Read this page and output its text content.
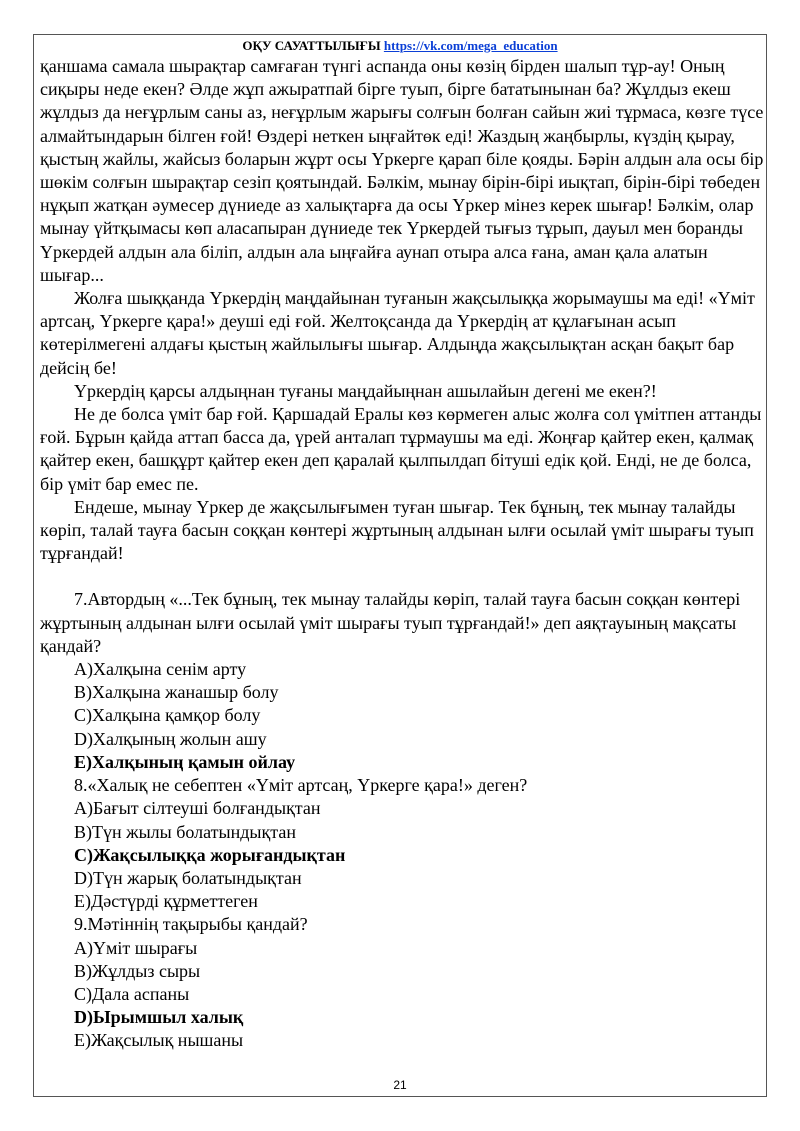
ОҚУ САУАТТЫЛЫҒЫ https://vk.com/mega_education

қаншама самала шырақтар самғаған түнгі аспанда оны көзің бірден шалып тұр-ау! Оның сиқыры неде екен? Әлде жұп ажыратпай бірге туып, бірге бататынынан ба? Жұлдыз екеш жұлдыз да неғұрлым саны аз, неғұрлым жарығы солғын болған сайын жиі тұрмаса, көзге түсе алмайтындарын білген ғой! Өздері неткен ыңғайтөк еді! Жаздың жаңбырлы, күздің қырау, қыстың жайлы, жайсыз боларын жұрт осы Үркерге қарап біле қояды. Бәрін алдын ала осы бір шөкім солғын шырақтар сезіп қоятындай. Бәлкім, мынау бірін-бірі иықтап, бірін-бірі төбеден нұқып жатқан әумесер дүниеде аз халықтарға да осы Үркер мінез керек шығар! Бәлкім, олар мынау үйтқымасы көп аласапыран дүниеде тек Үркердей тығыз тұрып, дауыл мен боранды Үркердей алдын ала біліп, алдын ала ыңғайға аунап отыра алса ғана, аман қала алатын шығар...

Жолға шыққанда Үркердің маңдайынан туғанын жақсылыққа жорымаушы ма еді! «Үміт артсаң, Үркерге қара!» деуші еді ғой. Желтоқсанда да Үркердің ат құлағынан асып көтерілмегені алдағы қыстың жайлылығы шығар. Алдыңда жақсылықтан асқан бақыт бар дейсің бе!

Үркердің қарсы алдыңнан туғаны маңдайыңнан ашылайын дегені ме екен?!

Не де болса үміт бар ғой. Қаршадай Ералы көз көрмеген алыс жолға сол үмітпен аттанды ғой. Бұрын қайда аттап басса да, үрей анталап тұрмаушы ма еді. Жоңғар қайтер екен, қалмақ қайтер екен, башқұрт қайтер екен деп қаралай қылпылдап бітуші едік қой. Енді, не де болса, бір үміт бар емес пе.

Ендеше, мынау Үркер де жақсылығымен туған шығар. Тек бұның, тек мынау талайды көріп, талай тауға басын соққан көнтері жұртының алдынан ылғи осылай үміт шырағы туып тұрғандай!

7.Автордың «...Тек бұның, тек мынау талайды көріп, талай тауға басын соққан көнтері жұртының алдынан ылғи осылай үміт шырағы туып тұрғандай!» деп аяқтауының мақсаты қандай?

А)Халқына сенім арту

В)Халқына жанашыр болу

С)Халқына қамқор болу

D)Халқының жолын ашу

Е)Халқының қамын ойлау

8.«Халық не себептен «Үміт артсаң, Үркерге қара!» деген?

А)Бағыт сілтеуші болғандықтан

В)Түн жылы болатындықтан

С)Жақсылыққа жорығандықтан

D)Түн жарық болатындықтан

Е)Дәстүрді құрметтеген

9.Мәтіннің тақырыбы қандай?

А)Үміт шырағы

В)Жұлдыз сыры

С)Дала аспаны

D)Ырымшыл халық

Е)Жақсылық нышаны

21
